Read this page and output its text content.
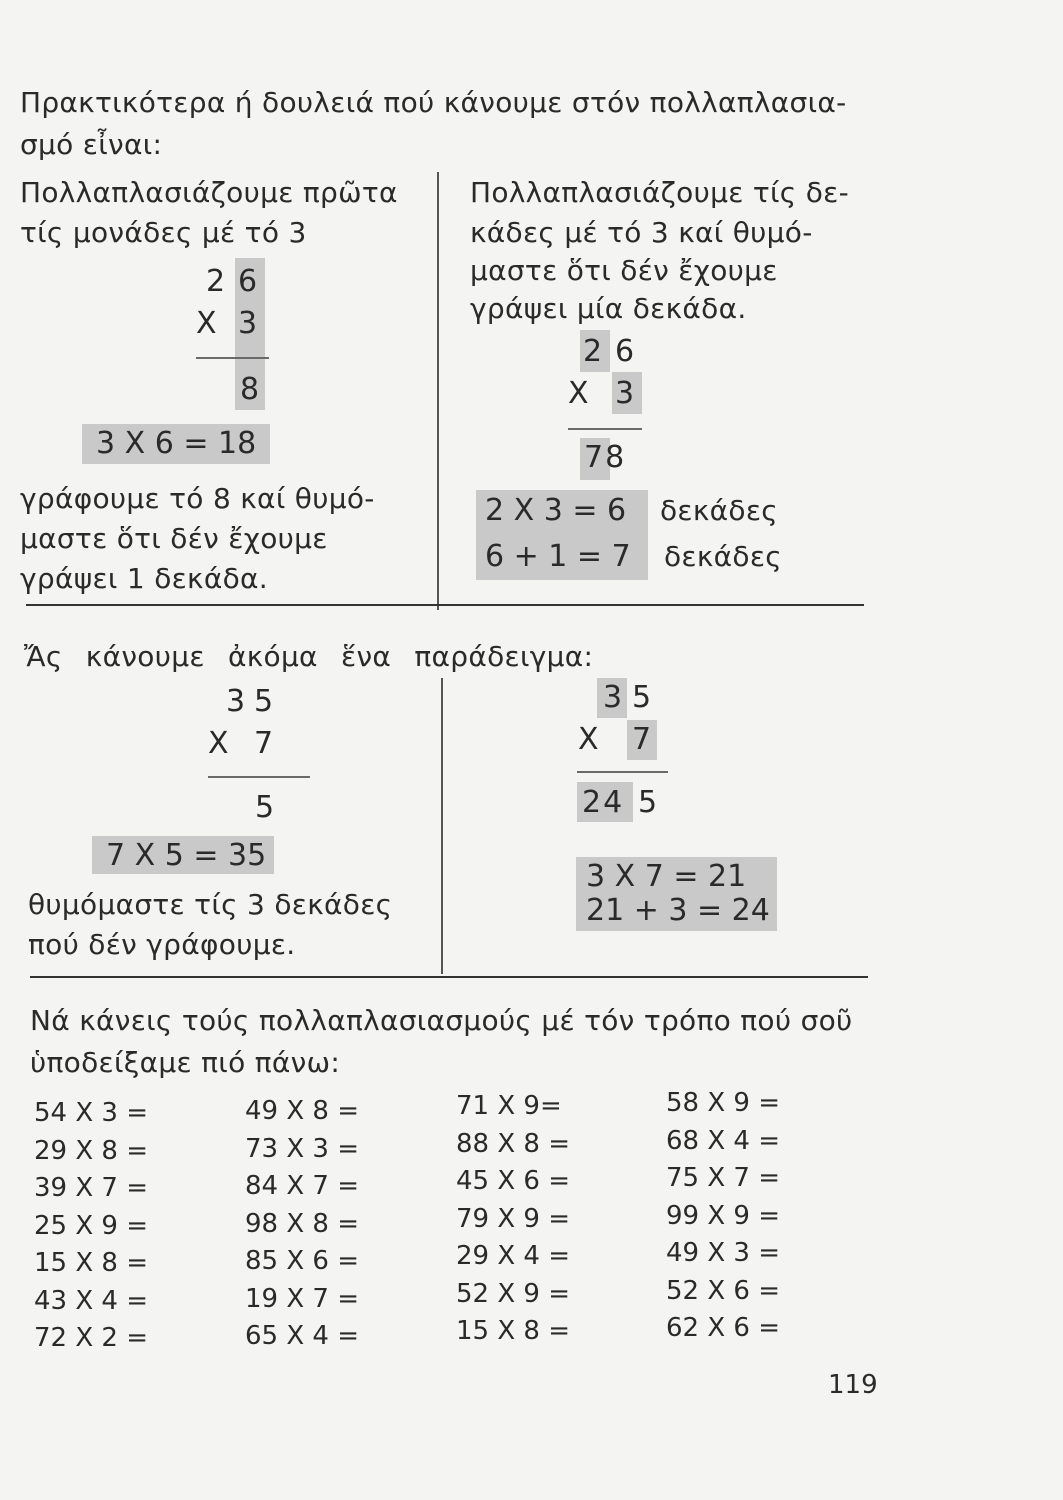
Πρακτικότερα ή δουλειά πού κάνουμε στόν πολλαπλασια-
σμό εἶναι:
Πολλαπλασιάζουμε πρῶτα
τίς μονάδες μέ τό 3
2 6
X 3
8
3 X 6 = 18
γράφουμε τό 8 καί θυμό-
μαστε ὅτι δέν ἔχουμε
γράψει 1 δεκάδα.
Πολλαπλασιάζουμε τίς δε-
κάδες μέ τό 3 καί θυμό-
μαστε ὅτι δέν ἔχουμε
γράψει μία δεκάδα.
2 6
X 3
78
2 X 3 = 6 δεκάδες
6 + 1 = 7 δεκάδες
Ἄς κάνουμε ἀκόμα ἕνα παράδειγμα:
3 5
X 7
5
7 X 5 = 35
θυμόμαστε τίς 3 δεκάδες
πού δέν γράφουμε.
3 5
X 7
24 5
3 X 7 = 21
21 + 3 = 24
Νά κάνεις τούς πολλαπλασιασμούς μέ τόν τρόπο πού σοῦ
ὑποδείξαμε πιό πάνω:
54 X 3 =
29 X 8 =
39 X 7 =
25 X 9 =
15 X 8 =
43 X 4 =
72 X 2 =
49 X 8 =
73 X 3 =
84 X 7 =
98 X 8 =
85 X 6 =
19 X 7 =
65 X 4 =
71 X 9=
88 X 8 =
45 X 6 =
79 X 9 =
29 X 4 =
52 X 9 =
15 X 8 =
58 X 9 =
68 X 4 =
75 X 7 =
99 X 9 =
49 X 3 =
52 X 6 =
62 X 6 =
119
